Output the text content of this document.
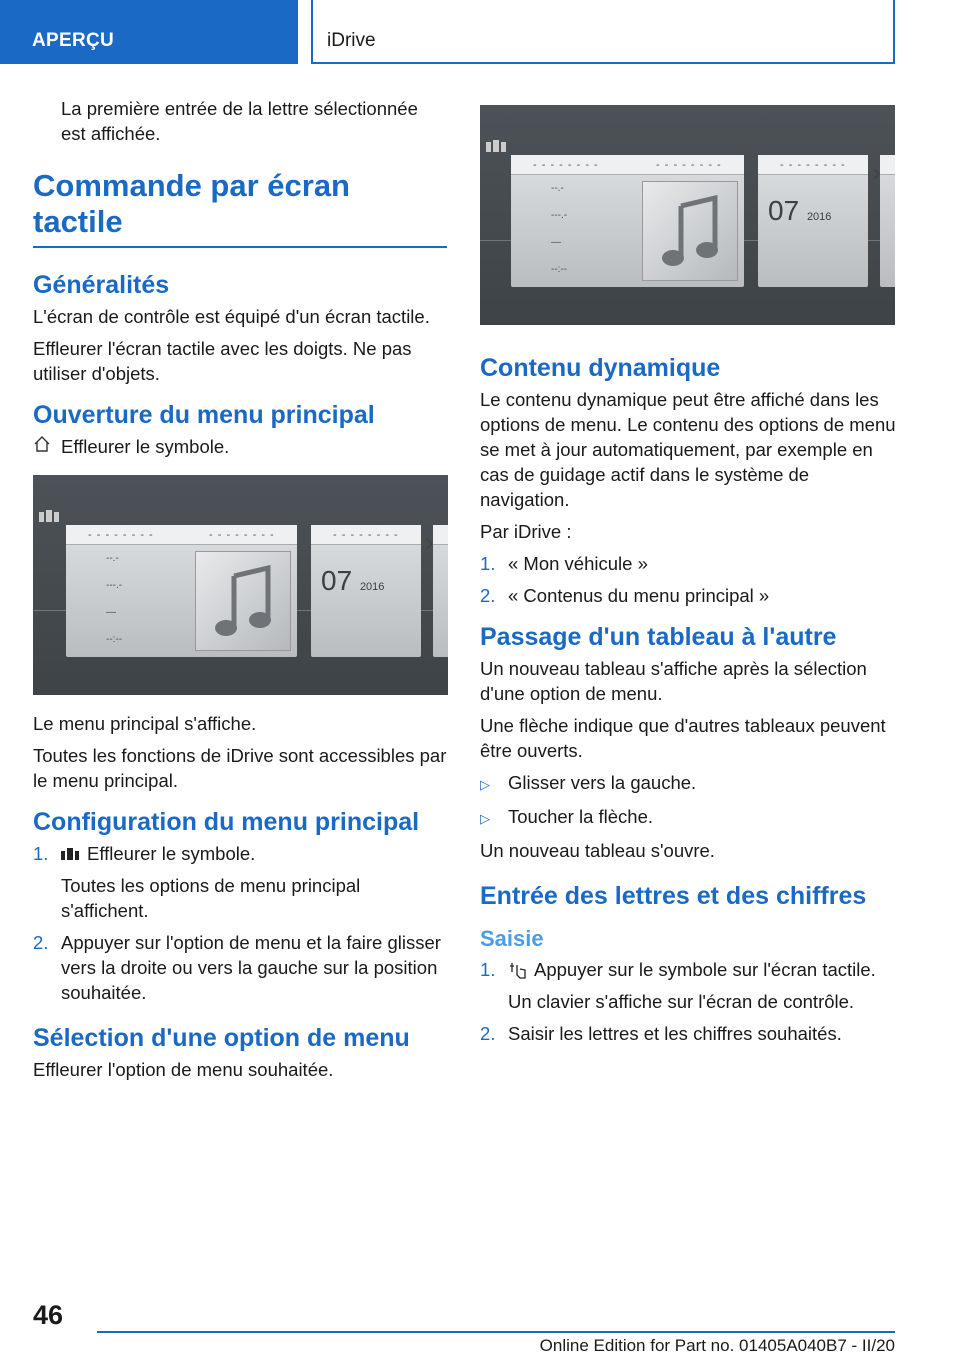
APERÇU	iDrive

La première entrée de la lettre sélectionnée est affichée.

Commande par écran tactile
Généralités

L'écran de contrôle est équipé d'un écran tactile.

Effleurer l'écran tactile avec les doigts. Ne pas utiliser d'objets.

Ouverture du menu principal
Effleurer le symbole.
- - - - - - - -
--.-
---.-
—
--:--
- - - - - - - -	- - - - - - - -
07 2016
›

Le menu principal s'affiche.

Toutes les fonctions de iDrive sont accessibles par le menu principal.

Configuration du menu principal
1.	Effleurer le symbole.

Toutes les options de menu principal s'affichent.

2. Appuyer sur l'option de menu et la faire glisser vers la droite ou vers la gauche sur la position souhaitée.
Sélection d'une option de menu

Effleurer l'option de menu souhaitée.

- - - - - - - -
--.-
---.-
—
--:--
- - - - - - - -	- - - - - - - -
07 2016
›
Contenu dynamique

Le contenu dynamique peut être affiché dans les options de menu. Le contenu des options de menu se met à jour automatiquement, par exemple en cas de guidage actif dans le système de navigation.

Par iDrive :

1. « Mon véhicule »
2. « Contenus du menu principal »
Passage d'un tableau à l'autre

Un nouveau tableau s'affiche après la sélection d'une option de menu.

Une flèche indique que d'autres tableaux peuvent être ouverts.

▷ Glisser vers la gauche.
▷ Toucher la flèche.

Un nouveau tableau s'ouvre.

Entrée des lettres et des chiffres
Saisie
1.	Appuyer sur le symbole sur l'écran tactile.

Un clavier s'affiche sur l'écran de contrôle.

2. Saisir les lettres et les chiffres souhaités.
46
Online Edition for Part no. 01405A040B7 - II/20
